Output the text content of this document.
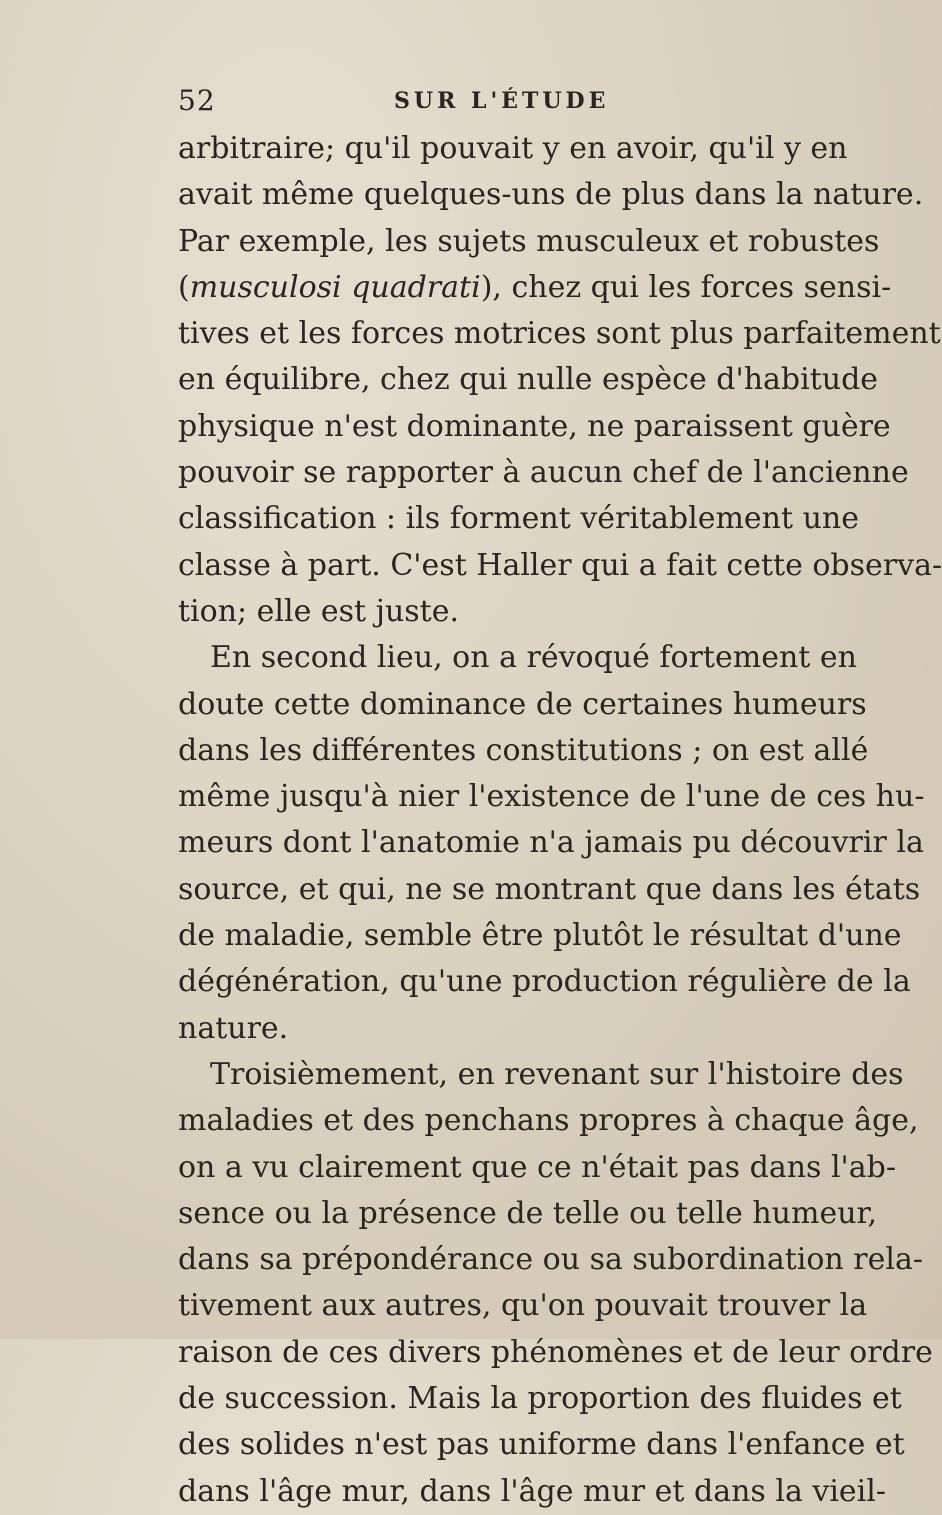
52	SUR L'ÉTUDE
arbitraire; qu'il pouvait y en avoir, qu'il y en
avait même quelques-uns de plus dans la nature.
Par exemple, les sujets musculeux et robustes
(musculosi quadrati), chez qui les forces sensi-
tives et les forces motrices sont plus parfaitement
en équilibre, chez qui nulle espèce d'habitude
physique n'est dominante, ne paraissent guère
pouvoir se rapporter à aucun chef de l'ancienne
classification : ils forment véritablement une
classe à part. C'est Haller qui a fait cette observa-
tion; elle est juste.
En second lieu, on a révoqué fortement en
doute cette dominance de certaines humeurs
dans les différentes constitutions ; on est allé
même jusqu'à nier l'existence de l'une de ces hu-
meurs dont l'anatomie n'a jamais pu découvrir la
source, et qui, ne se montrant que dans les états
de maladie, semble être plutôt le résultat d'une
dégénération, qu'une production régulière de la
nature.
Troisièmement, en revenant sur l'histoire des
maladies et des penchans propres à chaque âge,
on a vu clairement que ce n'était pas dans l'ab-
sence ou la présence de telle ou telle humeur,
dans sa prépondérance ou sa subordination rela-
tivement aux autres, qu'on pouvait trouver la
raison de ces divers phénomènes et de leur ordre
de succession. Mais la proportion des fluides et
des solides n'est pas uniforme dans l'enfance et
dans l'âge mur, dans l'âge mur et dans la vieil-
